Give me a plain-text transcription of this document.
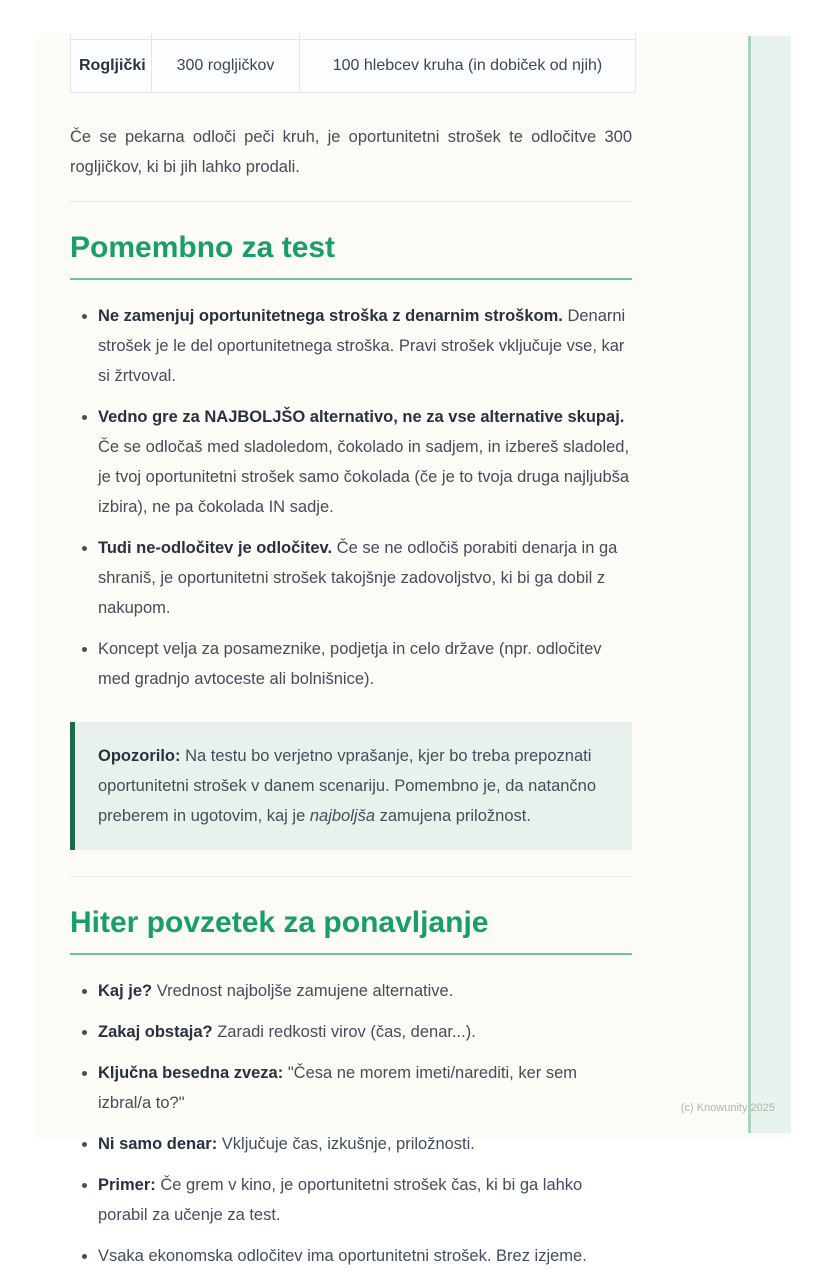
Rogljički	300 rogljičkov	100 hlebcev kruha (in dobiček od njih)

Če se pekarna odloči peči kruh, je oportunitetni strošek te odločitve 300 rogljičkov, ki bi jih lahko prodali.

Pomembno za test
• Ne zamenjuj oportunitetnega stroška z denarnim stroškom. Denarni strošek je le del oportunitetnega stroška. Pravi strošek vključuje vse, kar si žrtvoval.
• Vedno gre za NAJBOLJŠO alternativo, ne za vse alternative skupaj. Če se odločaš med sladoledom, čokolado in sadjem, in izbereš sladoled, je tvoj oportunitetni strošek samo čokolada (če je to tvoja druga najljubša izbira), ne pa čokolada IN sadje.
• Tudi ne-odločitev je odločitev. Če se ne odločiš porabiti denarja in ga shraniš, je oportunitetni strošek takojšnje zadovoljstvo, ki bi ga dobil z nakupom.
• Koncept velja za posameznike, podjetja in celo države (npr. odločitev med gradnjo avtoceste ali bolnišnice).
Opozorilo: Na testu bo verjetno vprašanje, kjer bo treba prepoznati oportunitetni strošek v danem scenariju. Pomembno je, da natančno preberem in ugotovim, kaj je najboljša zamujena priložnost.
Hiter povzetek za ponavljanje
• Kaj je? Vrednost najboljše zamujene alternative.
• Zakaj obstaja? Zaradi redkosti virov (čas, denar...).
• Ključna besedna zveza: "Česa ne morem imeti/narediti, ker sem izbral/a to?"
• Ni samo denar: Vključuje čas, izkušnje, priložnosti.
• Primer: Če grem v kino, je oportunitetni strošek čas, ki bi ga lahko porabil za učenje za test.
• Vsaka ekonomska odločitev ima oportunitetni strošek. Brez izjeme.
(c) Knowunity 2025
